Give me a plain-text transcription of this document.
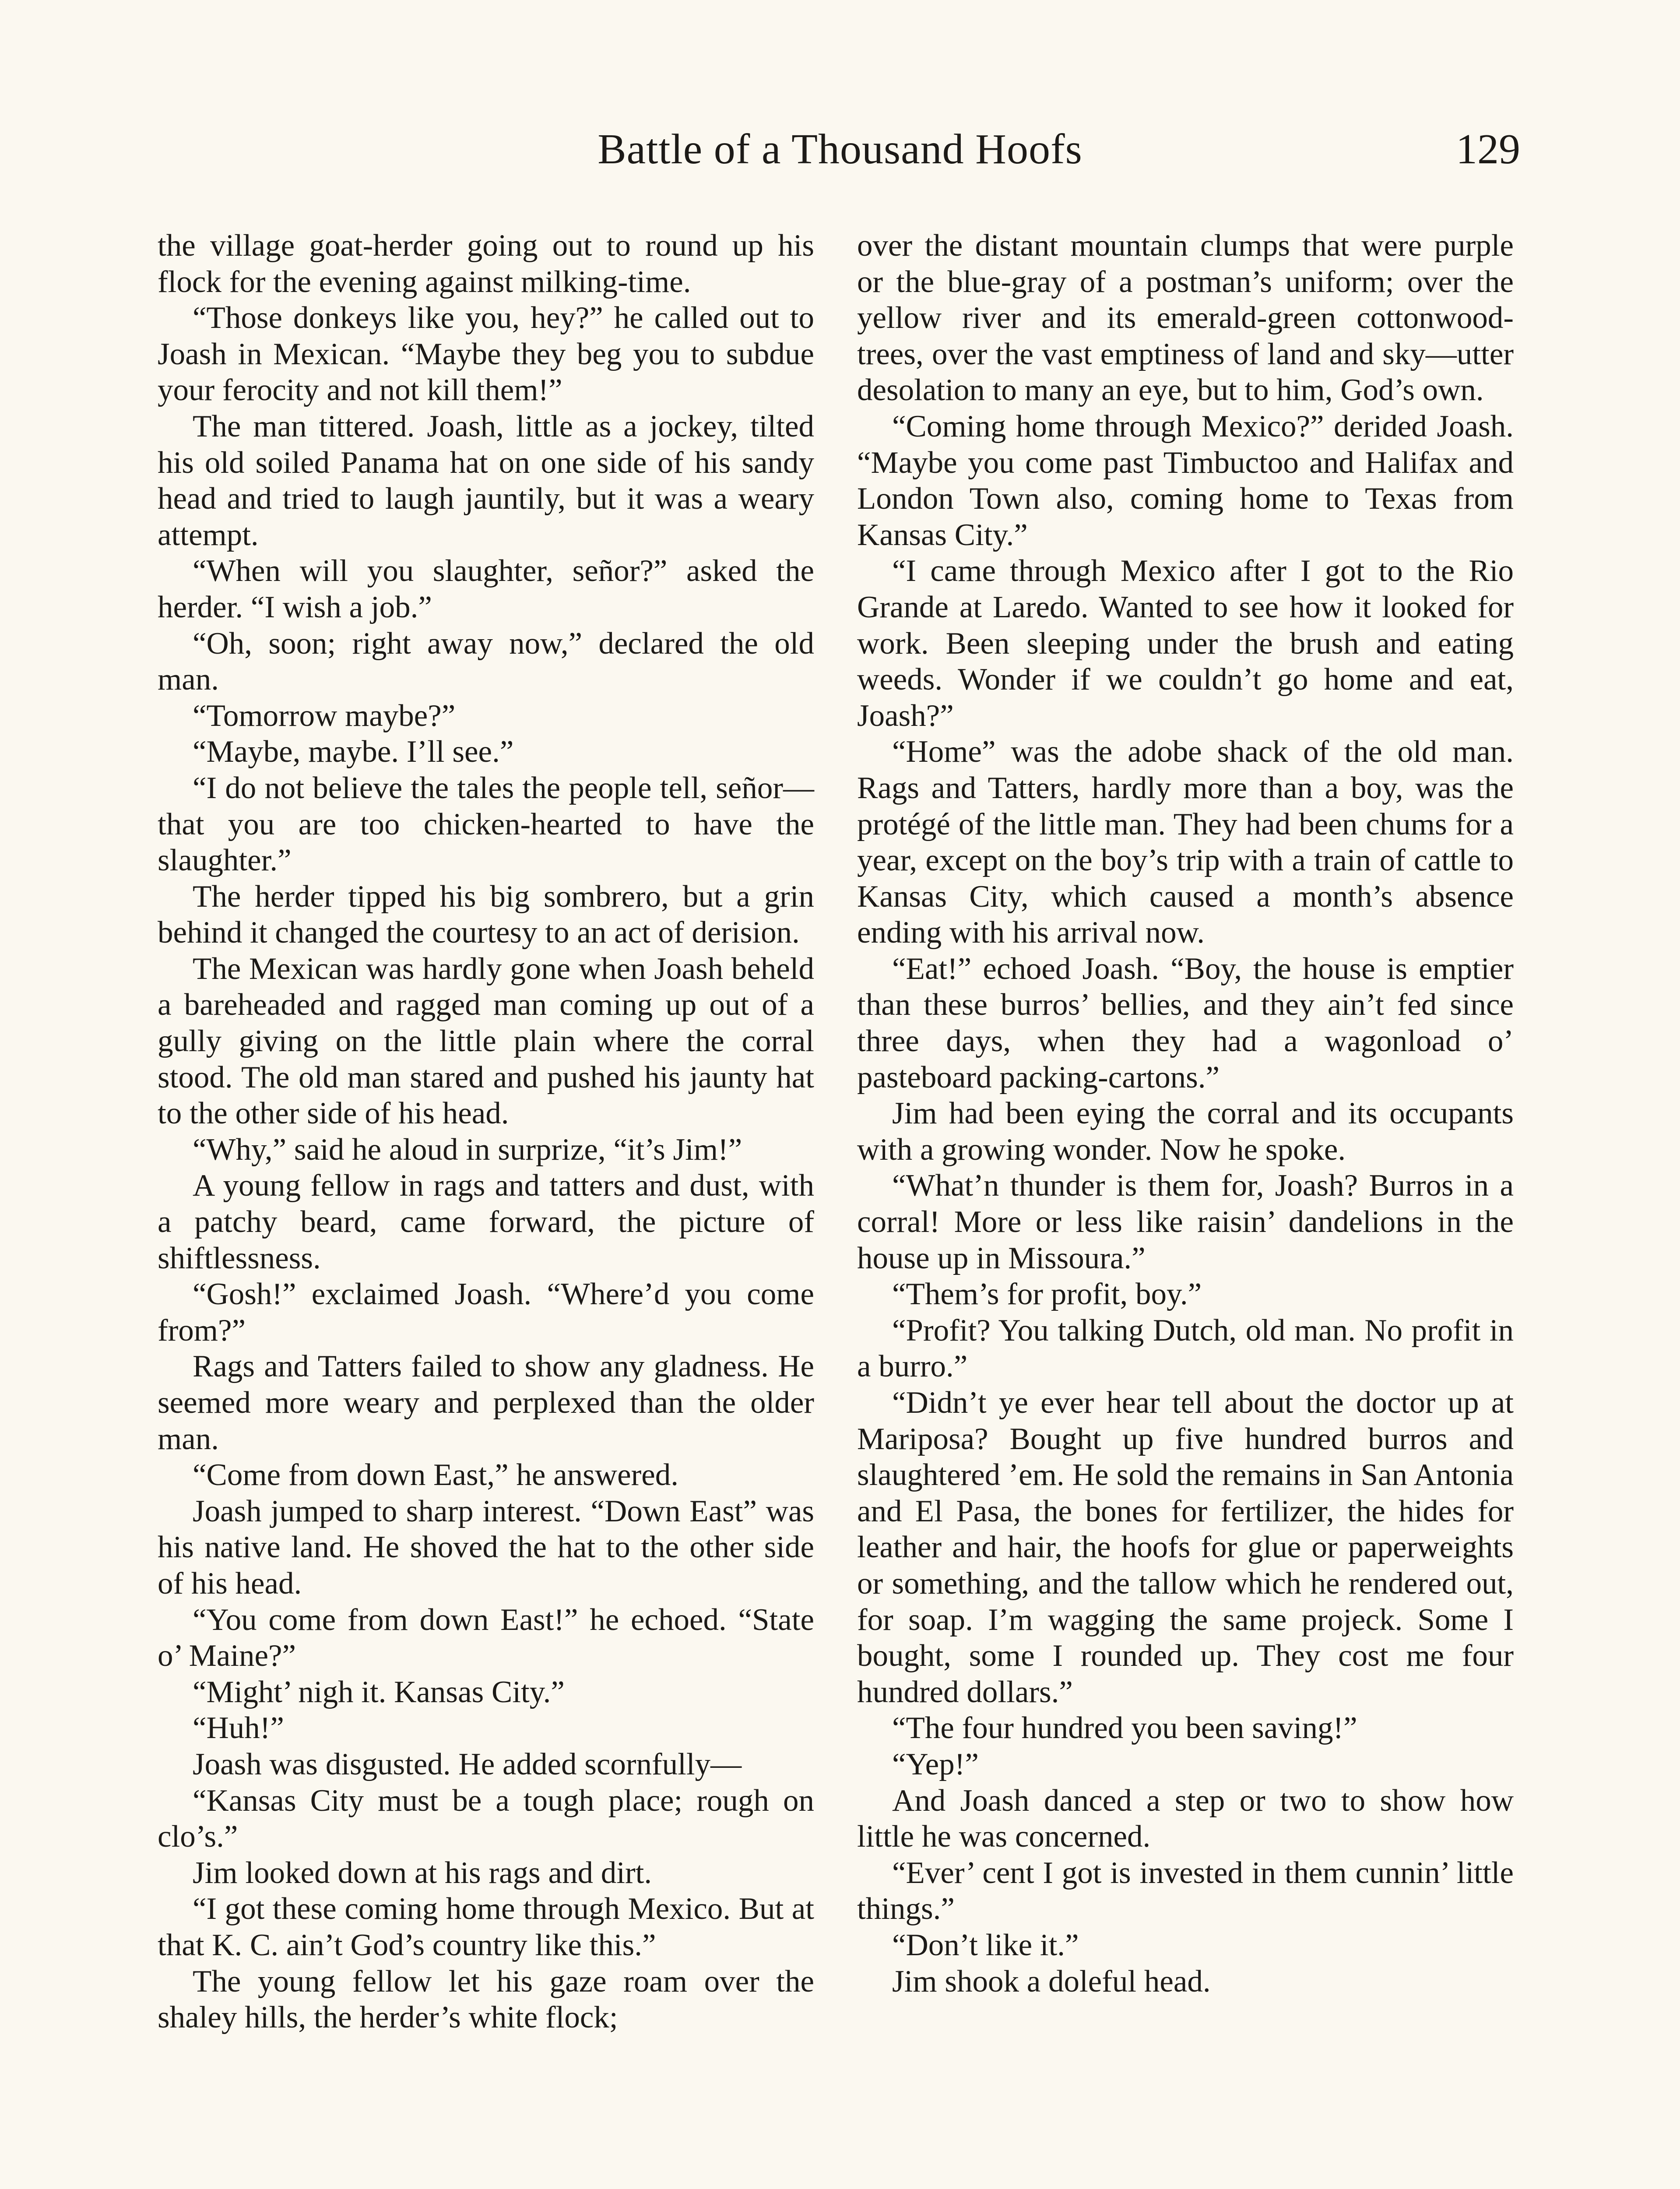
Battle of a Thousand Hoofs	129

the village goat-herder going out to round up his flock for the evening against milking-time.

“Those donkeys like you, hey?” he called out to Joash in Mexican. “Maybe they beg you to subdue your ferocity and not kill them!”

The man tittered. Joash, little as a jockey, tilted his old soiled Panama hat on one side of his sandy head and tried to laugh jauntily, but it was a weary attempt.

“When will you slaughter, señor?” asked the herder. “I wish a job.”

“Oh, soon; right away now,” declared the old man.

“Tomorrow maybe?”

“Maybe, maybe. I’ll see.”

“I do not believe the tales the people tell, señor—that you are too chicken-hearted to have the slaughter.”

The herder tipped his big sombrero, but a grin behind it changed the courtesy to an act of derision.

The Mexican was hardly gone when Joash beheld a bareheaded and ragged man coming up out of a gully giving on the little plain where the corral stood. The old man stared and pushed his jaunty hat to the other side of his head.

“Why,” said he aloud in surprize, “it’s Jim!”

A young fellow in rags and tatters and dust, with a patchy beard, came forward, the picture of shiftlessness.

“Gosh!” exclaimed Joash. “Where’d you come from?”

Rags and Tatters failed to show any gladness. He seemed more weary and perplexed than the older man.

“Come from down East,” he answered.

Joash jumped to sharp interest. “Down East” was his native land. He shoved the hat to the other side of his head.

“You come from down East!” he echoed. “State o’ Maine?”

“Might’ nigh it. Kansas City.”

“Huh!”

Joash was disgusted. He added scornfully—

“Kansas City must be a tough place; rough on clo’s.”

Jim looked down at his rags and dirt.

“I got these coming home through Mexico. But at that K. C. ain’t God’s country like this.”

The young fellow let his gaze roam over the shaley hills, the herder’s white flock;

over the distant mountain clumps that were purple or the blue-gray of a postman’s uniform; over the yellow river and its emerald-green cottonwood-trees, over the vast emptiness of land and sky—utter desolation to many an eye, but to him, God’s own.

“Coming home through Mexico?” derided Joash. “Maybe you come past Timbuctoo and Halifax and London Town also, coming home to Texas from Kansas City.”

“I came through Mexico after I got to the Rio Grande at Laredo. Wanted to see how it looked for work. Been sleeping under the brush and eating weeds. Wonder if we couldn’t go home and eat, Joash?”

“Home” was the adobe shack of the old man. Rags and Tatters, hardly more than a boy, was the protégé of the little man. They had been chums for a year, except on the boy’s trip with a train of cattle to Kansas City, which caused a month’s absence ending with his arrival now.

“Eat!” echoed Joash. “Boy, the house is emptier than these burros’ bellies, and they ain’t fed since three days, when they had a wagonload o’ pasteboard packing-cartons.”

Jim had been eying the corral and its occupants with a growing wonder. Now he spoke.

“What’n thunder is them for, Joash? Burros in a corral! More or less like raisin’ dandelions in the house up in Missoura.”

“Them’s for profit, boy.”

“Profit? You talking Dutch, old man. No profit in a burro.”

“Didn’t ye ever hear tell about the doctor up at Mariposa? Bought up five hundred burros and slaughtered ’em. He sold the remains in San Antonia and El Pasa, the bones for fertilizer, the hides for leather and hair, the hoofs for glue or paperweights or something, and the tallow which he rendered out, for soap. I’m wagging the same projeck. Some I bought, some I rounded up. They cost me four hundred dollars.”

“The four hundred you been saving!”

“Yep!”

And Joash danced a step or two to show how little he was concerned.

“Ever’ cent I got is invested in them cunnin’ little things.”

“Don’t like it.”

Jim shook a doleful head.
